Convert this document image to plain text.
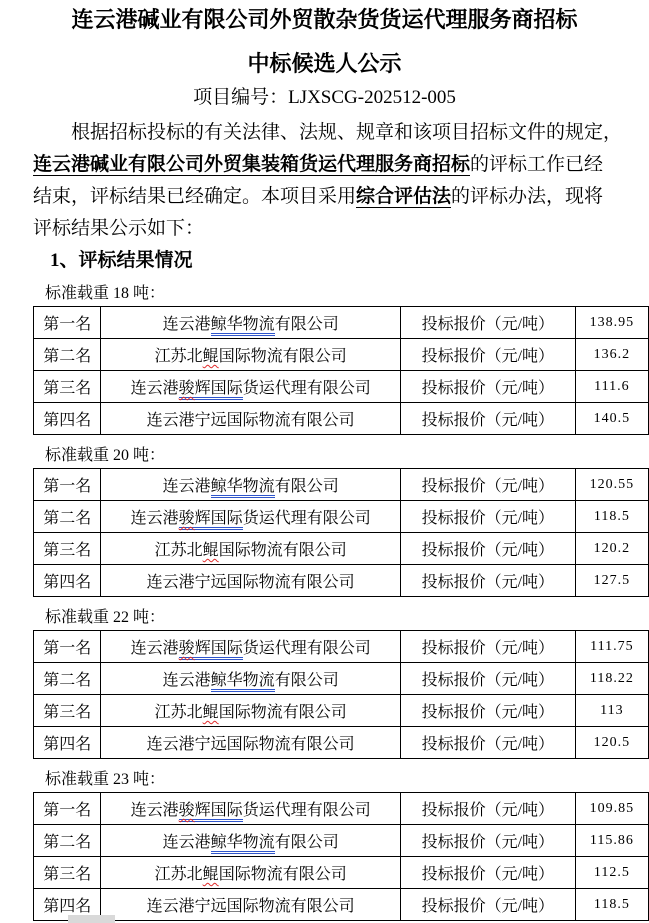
连云港碱业有限公司外贸散杂货货运代理服务商招标
中标候选人公示
项目编号：LJXSCG-202512-005
根据招标投标的有关法律、法规、规章和该项目招标文件的规定，
连云港碱业有限公司外贸集装箱货运代理服务商招标的评标工作已经
结束，评标结果已经确定。本项目采用综合评估法的评标办法，现将
评标结果公示如下：
1、评标结果情况
标准载重 18 吨：
第一名	连云港鲸华物流有限公司	投标报价（元/吨）	138.95
第二名	江苏北鲲国际物流有限公司	投标报价（元/吨）	136.2
第三名	连云港骏辉国际货运代理有限公司	投标报价（元/吨）	111.6
第四名	连云港宁远国际物流有限公司	投标报价（元/吨）	140.5
标准载重 20 吨：
第一名	连云港鲸华物流有限公司	投标报价（元/吨）	120.55
第二名	连云港骏辉国际货运代理有限公司	投标报价（元/吨）	118.5
第三名	江苏北鲲国际物流有限公司	投标报价（元/吨）	120.2
第四名	连云港宁远国际物流有限公司	投标报价（元/吨）	127.5
标准载重 22 吨：
第一名	连云港骏辉国际货运代理有限公司	投标报价（元/吨）	111.75
第二名	连云港鲸华物流有限公司	投标报价（元/吨）	118.22
第三名	江苏北鲲国际物流有限公司	投标报价（元/吨）	113
第四名	连云港宁远国际物流有限公司	投标报价（元/吨）	120.5
标准载重 23 吨：
第一名	连云港骏辉国际货运代理有限公司	投标报价（元/吨）	109.85
第二名	连云港鲸华物流有限公司	投标报价（元/吨）	115.86
第三名	江苏北鲲国际物流有限公司	投标报价（元/吨）	112.5
第四名	连云港宁远国际物流有限公司	投标报价（元/吨）	118.5
